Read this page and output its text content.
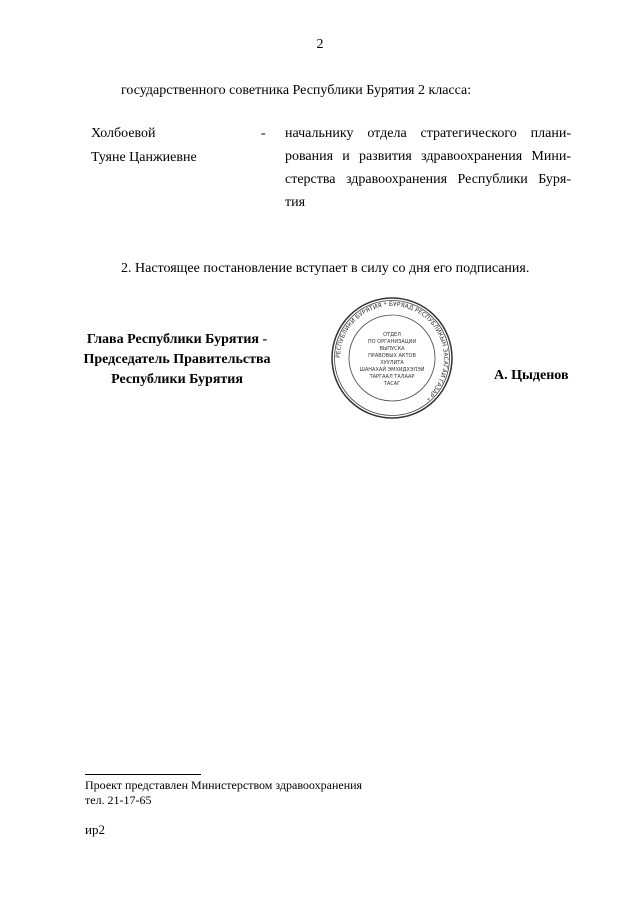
2
государственного советника Республики Бурятия 2 класса:
Холбоевой
Туяне Цанжиевне
- начальнику отдела стратегического плани-
рования и развития здравоохранения Мини-
стерства здравоохранения Республики Буря-
тия
2. Настоящее постановление вступает в силу со дня его подписания.
Глава Республики Бурятия -
Председатель Правительства
Республики Бурятия
РЕСПУБЛИКИ БУРЯТИЯ * БУРЯАД РЕСПУБЛИКЫН ЗАСАГАЙ ГАЗАР *
ОТДЕЛ
ПО ОРГАНИЗАЦИИ
ВЫПУСКА
ПРАВОВЫХ АКТОВ
ХУУЛИТА
ШАНАХАЙ ЭМХИДХЭЛЭЙ
ТАРГААЛ ТАЛААР
ТАСАГ
А. Цыденов
Проект представлен Министерством здравоохранения
тел. 21-17-65
ир2
